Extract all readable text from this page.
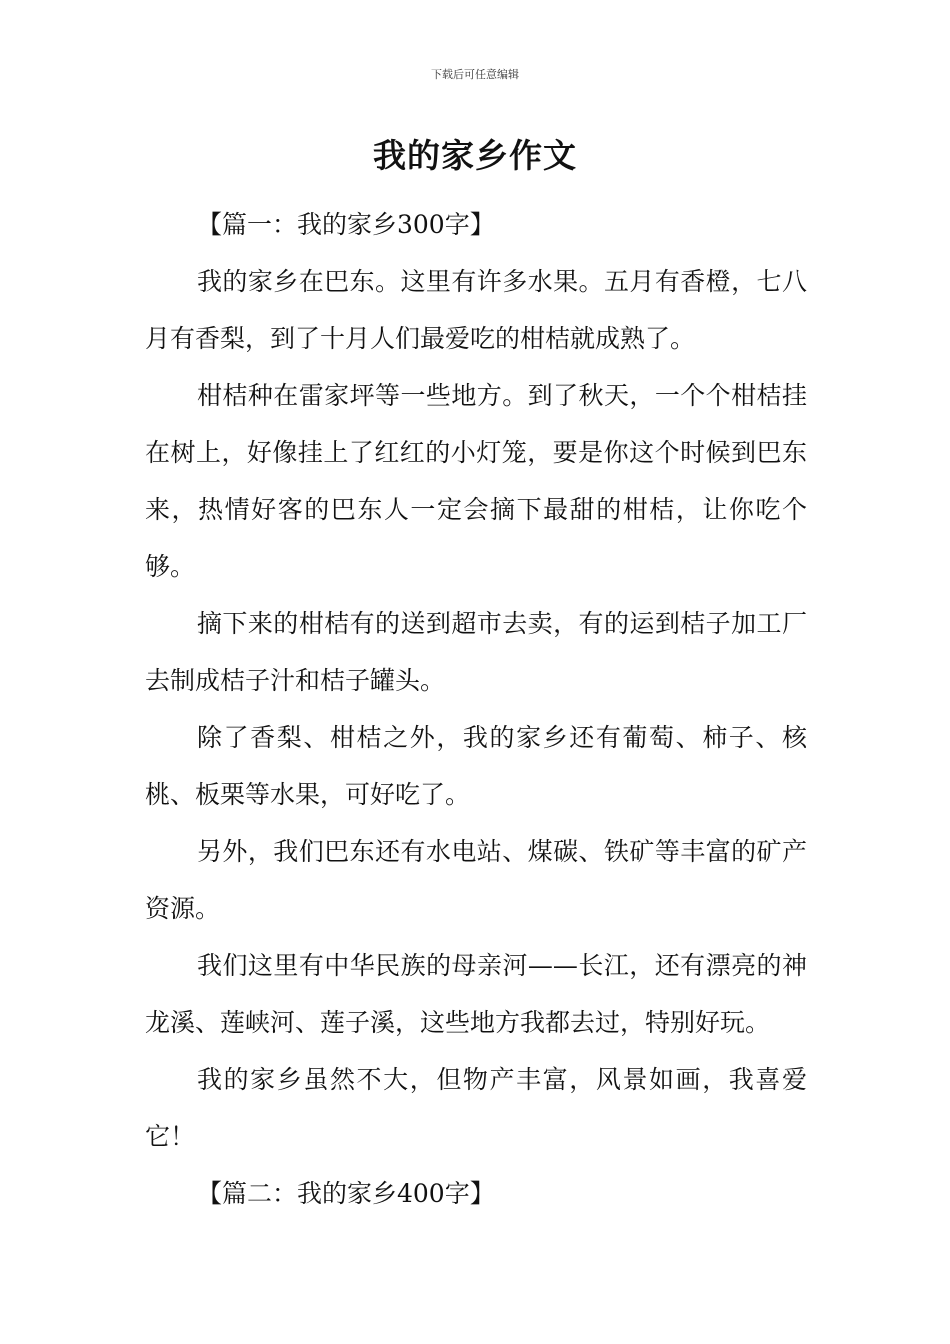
下载后可任意编辑
我的家乡作文

【篇一：我的家乡300字】

我的家乡在巴东。这里有许多水果。五月有香橙，七八月有香梨，到了十月人们最爱吃的柑桔就成熟了。

柑桔种在雷家坪等一些地方。到了秋天，一个个柑桔挂在树上，好像挂上了红红的小灯笼，要是你这个时候到巴东来，热情好客的巴东人一定会摘下最甜的柑桔，让你吃个够。

摘下来的柑桔有的送到超市去卖，有的运到桔子加工厂去制成桔子汁和桔子罐头。

除了香梨、柑桔之外，我的家乡还有葡萄、柿子、核桃、板栗等水果，可好吃了。

另外，我们巴东还有水电站、煤碳、铁矿等丰富的矿产资源。

我们这里有中华民族的母亲河——长江，还有漂亮的神龙溪、莲峡河、莲子溪，这些地方我都去过，特别好玩。

我的家乡虽然不大，但物产丰富，风景如画，我喜爱它！

【篇二：我的家乡400字】
